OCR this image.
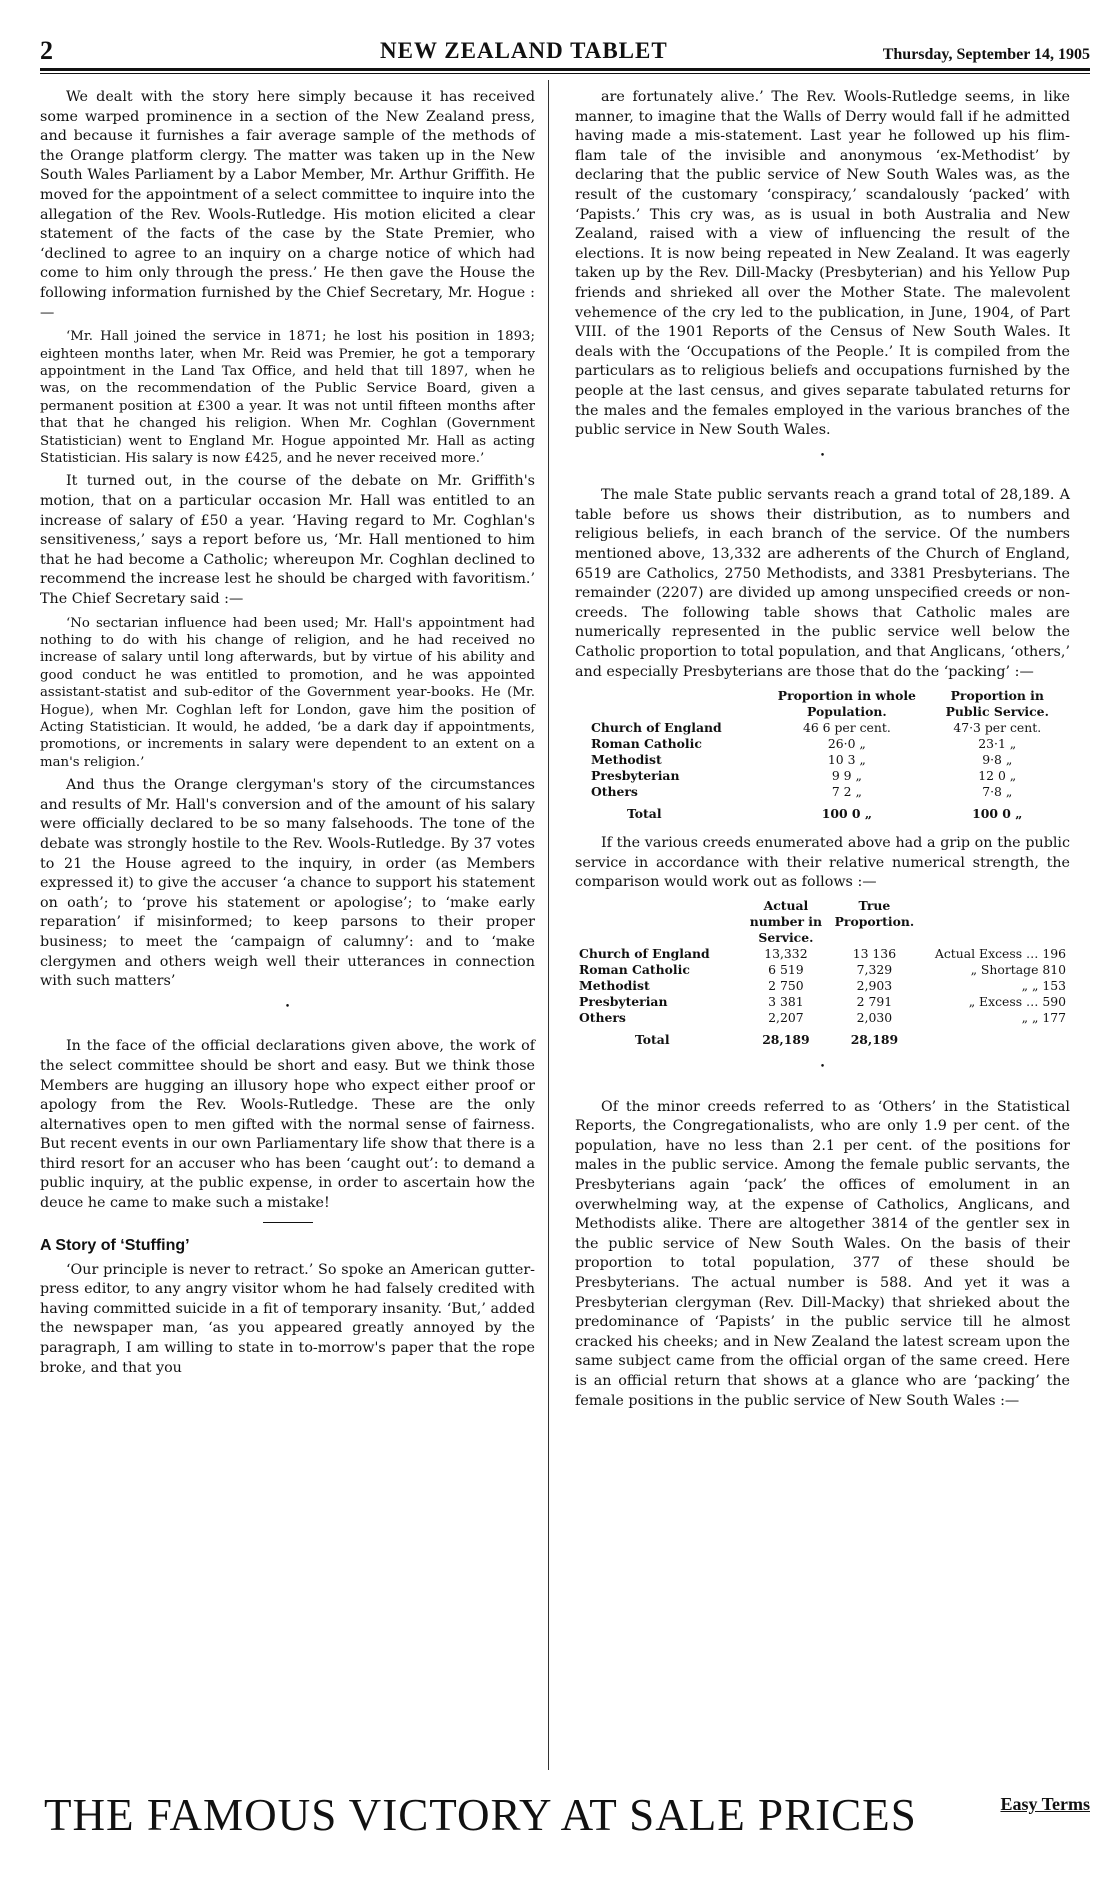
2	NEW ZEALAND TABLET	Thursday, September 14, 1905

We dealt with the story here simply because it has received some warped prominence in a section of the New Zealand press, and because it furnishes a fair average sample of the methods of the Orange platform clergy. The matter was taken up in the New South Wales Parliament by a Labor Member, Mr. Arthur Griffith. He moved for the appointment of a select committee to inquire into the allegation of the Rev. Wools-Rutledge. His motion elicited a clear statement of the facts of the case by the State Premier, who ‘declined to agree to an inquiry on a charge notice of which had come to him only through the press.’ He then gave the House the following information furnished by the Chief Secretary, Mr. Hogue :—

‘Mr. Hall joined the service in 1871; he lost his position in 1893; eighteen months later, when Mr. Reid was Premier, he got a temporary appointment in the Land Tax Office, and held that till 1897, when he was, on the recommendation of the Public Service Board, given a permanent position at £300 a year. It was not until fifteen months after that that he changed his religion. When Mr. Coghlan (Government Statistician) went to England Mr. Hogue appointed Mr. Hall as acting Statistician. His salary is now £425, and he never received more.’

It turned out, in the course of the debate on Mr. Griffith's motion, that on a particular occasion Mr. Hall was entitled to an increase of salary of £50 a year. ‘Having regard to Mr. Coghlan's sensitiveness,’ says a report before us, ‘Mr. Hall mentioned to him that he had become a Catholic; whereupon Mr. Coghlan declined to recommend the increase lest he should be charged with favoritism.’ The Chief Secretary said :—

‘No sectarian influence had been used; Mr. Hall's appointment had nothing to do with his change of religion, and he had received no increase of salary until long afterwards, but by virtue of his ability and good conduct he was entitled to promotion, and he was appointed assistant-statist and sub-editor of the Government year-books. He (Mr. Hogue), when Mr. Coghlan left for London, gave him the position of Acting Statistician. It would, he added, ‘be a dark day if appointments, promotions, or increments in salary were dependent to an extent on a man's religion.’

And thus the Orange clergyman's story of the circumstances and results of Mr. Hall's conversion and of the amount of his salary were officially declared to be so many falsehoods. The tone of the debate was strongly hostile to the Rev. Wools-Rutledge. By 37 votes to 21 the House agreed to the inquiry, in order (as Members expressed it) to give the accuser ‘a chance to support his statement on oath’; to ‘prove his statement or apologise’; to ‘make early reparation’ if misinformed; to keep parsons to their proper business; to meet the ‘campaign of calumny’: and to ‘make clergymen and others weigh well their utterances in connection with such matters’

•

In the face of the official declarations given above, the work of the select committee should be short and easy. But we think those Members are hugging an illusory hope who expect either proof or apology from the Rev. Wools-Rutledge. These are the only alternatives open to men gifted with the normal sense of fairness. But recent events in our own Parliamentary life show that there is a third resort for an accuser who has been ‘caught out’: to demand a public inquiry, at the public expense, in order to ascertain how the deuce he came to make such a mistake!

A Story of ‘Stuffing’

‘Our principle is never to retract.’ So spoke an American gutter-press editor, to any angry visitor whom he had falsely credited with having committed suicide in a fit of temporary insanity. ‘But,’ added the newspaper man, ‘as you appeared greatly annoyed by the paragraph, I am willing to state in to-morrow's paper that the rope broke, and that you

are fortunately alive.’ The Rev. Wools-Rutledge seems, in like manner, to imagine that the Walls of Derry would fall if he admitted having made a mis-statement. Last year he followed up his flim-flam tale of the invisible and anonymous ‘ex-Methodist’ by declaring that the public service of New South Wales was, as the result of the customary ‘conspiracy,’ scandalously ‘packed’ with ‘Papists.’ This cry was, as is usual in both Australia and New Zealand, raised with a view of influencing the result of the elections. It is now being repeated in New Zealand. It was eagerly taken up by the Rev. Dill-Macky (Presbyterian) and his Yellow Pup friends and shrieked all over the Mother State. The malevolent vehemence of the cry led to the publication, in June, 1904, of Part VIII. of the 1901 Reports of the Census of New South Wales. It deals with the ‘Occupations of the People.’ It is compiled from the particulars as to religious beliefs and occupations furnished by the people at the last census, and gives separate tabulated returns for the males and the females employed in the various branches of the public service in New South Wales.

•

The male State public servants reach a grand total of 28,189. A table before us shows their distribution, as to numbers and religious beliefs, in each branch of the service. Of the numbers mentioned above, 13,332 are adherents of the Church of England, 6519 are Catholics, 2750 Methodists, and 3381 Presbyterians. The remainder (2207) are divided up among unspecified creeds or non-creeds. The following table shows that Catholic males are numerically represented in the public service well below the Catholic proportion to total population, and that Anglicans, ‘others,’ and especially Presbyterians are those that do the ‘packing’ :—

	Proportion in whole Population.	Proportion in Public Service.
Church of England	46 6 per cent.	47·3 per cent.
Roman Catholic	26·0 „	23·1 „
Methodist	10 3 „	9·8 „
Presbyterian	9 9 „	12 0 „
Others	7 2 „	7·8 „
Total	100 0 „	100 0 „

If the various creeds enumerated above had a grip on the public service in accordance with their relative numerical strength, the comparison would work out as follows :—

	Actual number in Service.	True Proportion.	
Church of England	13,332	13 136	Actual Excess … 196
Roman Catholic	6 519	7,329	„ Shortage 810
Methodist	2 750	2,903	„ „ 153
Presbyterian	3 381	2 791	„ Excess … 590
Others	2,207	2,030	„ „ 177
Total	28,189	28,189	
•

Of the minor creeds referred to as ‘Others’ in the Statistical Reports, the Congregationalists, who are only 1.9 per cent. of the population, have no less than 2.1 per cent. of the positions for males in the public service. Among the female public servants, the Presbyterians again ‘pack’ the offices of emolument in an overwhelming way, at the expense of Catholics, Anglicans, and Methodists alike. There are altogether 3814 of the gentler sex in the public service of New South Wales. On the basis of their proportion to total population, 377 of these should be Presbyterians. The actual number is 588. And yet it was a Presbyterian clergyman (Rev. Dill-Macky) that shrieked about the predominance of ‘Papists’ in the public service till he almost cracked his cheeks; and in New Zealand the latest scream upon the same subject came from the official organ of the same creed. Here is an official return that shows at a glance who are ‘packing’ the female positions in the public service of New South Wales :—

THE FAMOUS VICTORY AT SALE PRICES	Easy Terms
